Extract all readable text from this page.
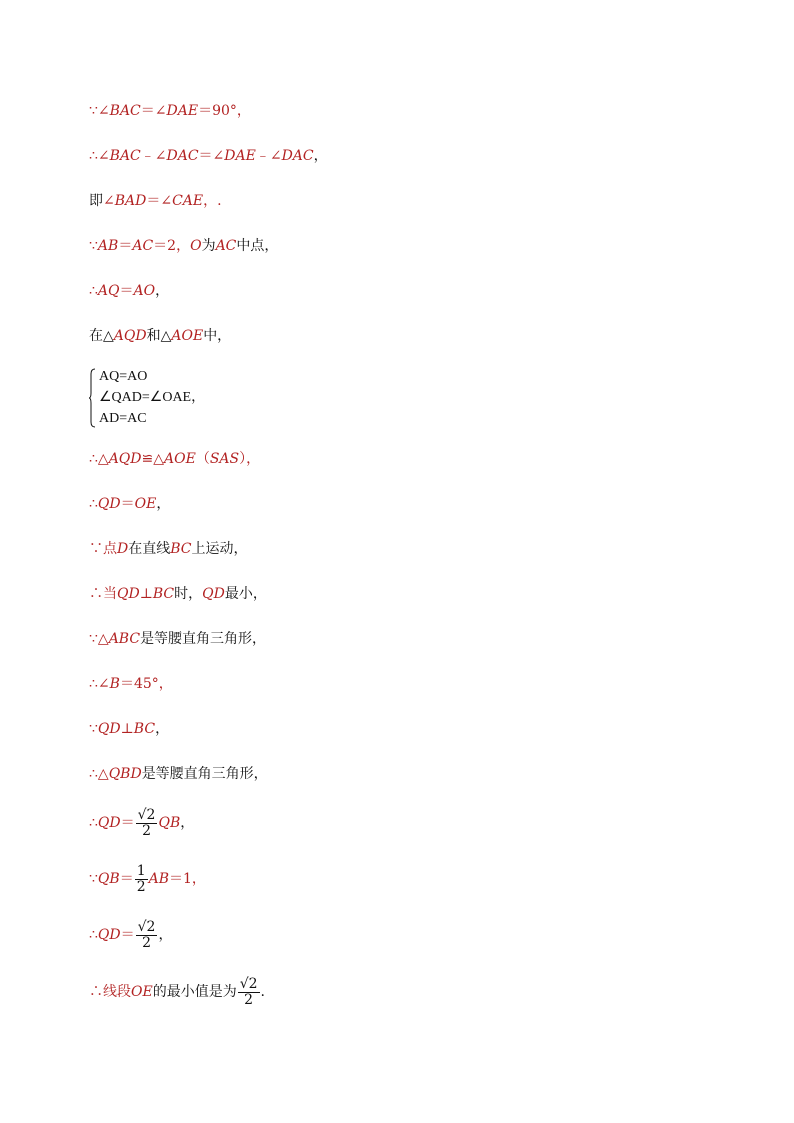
∵∠BAC＝∠DAE＝90°，
∴∠BAC﹣∠DAC＝∠DAE﹣∠DAC，
即∠BAD＝∠CAE，.
∵AB＝AC＝2，O为AC中点，
∴AQ＝AO，
在△AQD和△AOE中，
AQ=AO
∠QAD=∠OAE，
AD=AC
∴△AQD≌△AOE（SAS），
∴QD＝OE，
∵点D在直线BC上运动，
∴当QD⊥BC时，QD最小，
∵△ABC是等腰直角三角形，
∴∠B＝45°，
∵QD⊥BC，
∴△QBD是等腰直角三角形，
∴QD＝ $\frac{√2}{2}$ QB，
∵QB＝ $\frac{1}{2} AB=1$，
∴QD＝ $\frac{√2}{2}$ ，
∴线段OE的最小值是为 $\frac{√2}{2}$ .
